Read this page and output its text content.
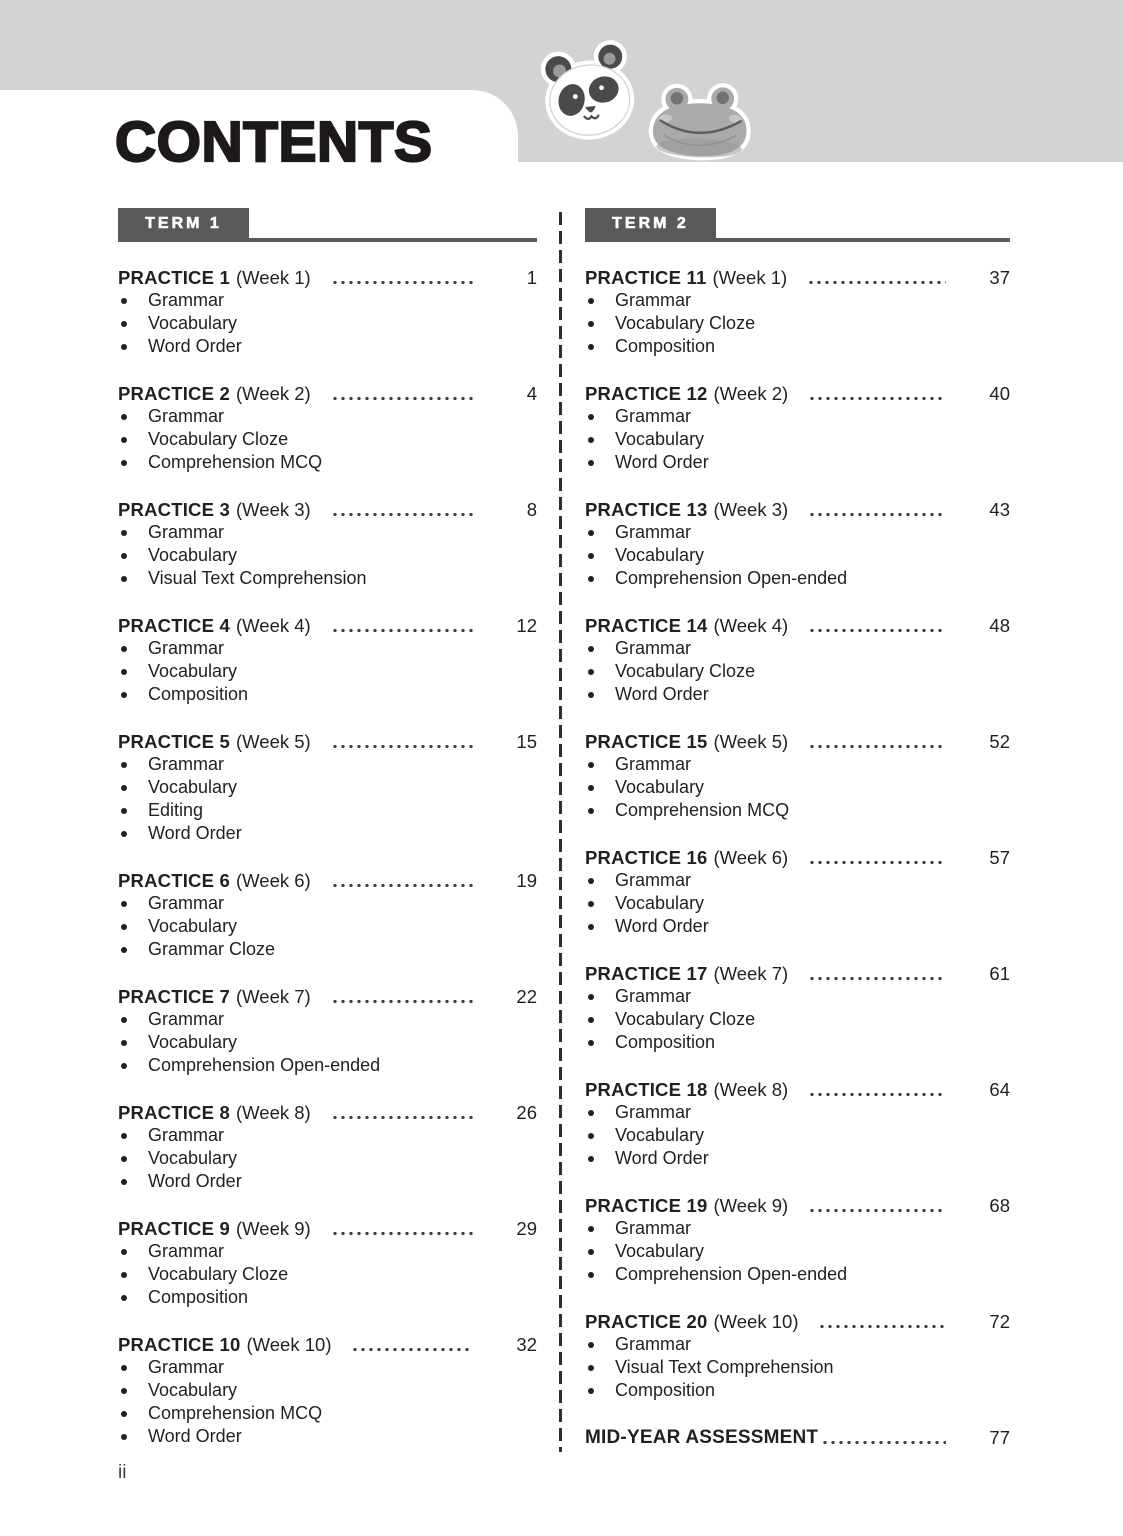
CONTENTS
TERM 1
PRACTICE 1 (Week 1)	1
Grammar
Vocabulary
Word Order
PRACTICE 2 (Week 2)	4
Grammar
Vocabulary Cloze
Comprehension MCQ
PRACTICE 3 (Week 3)	8
Grammar
Vocabulary
Visual Text Comprehension
PRACTICE 4 (Week 4)	12
Grammar
Vocabulary
Composition
PRACTICE 5 (Week 5)	15
Grammar
Vocabulary
Editing
Word Order
PRACTICE 6 (Week 6)	19
Grammar
Vocabulary
Grammar Cloze
PRACTICE 7 (Week 7)	22
Grammar
Vocabulary
Comprehension Open-ended
PRACTICE 8 (Week 8)	26
Grammar
Vocabulary
Word Order
PRACTICE 9 (Week 9)	29
Grammar
Vocabulary Cloze
Composition
PRACTICE 10 (Week 10)	32
Grammar
Vocabulary
Comprehension MCQ
Word Order
TERM 2
PRACTICE 11 (Week 1)	37
Grammar
Vocabulary Cloze
Composition
PRACTICE 12 (Week 2)	40
Grammar
Vocabulary
Word Order
PRACTICE 13 (Week 3)	43
Grammar
Vocabulary
Comprehension Open-ended
PRACTICE 14 (Week 4)	48
Grammar
Vocabulary Cloze
Word Order
PRACTICE 15 (Week 5)	52
Grammar
Vocabulary
Comprehension MCQ
PRACTICE 16 (Week 6)	57
Grammar
Vocabulary
Word Order
PRACTICE 17 (Week 7)	61
Grammar
Vocabulary Cloze
Composition
PRACTICE 18 (Week 8)	64
Grammar
Vocabulary
Word Order
PRACTICE 19 (Week 9)	68
Grammar
Vocabulary
Comprehension Open-ended
PRACTICE 20 (Week 10)	72
Grammar
Visual Text Comprehension
Composition
MID-YEAR ASSESSMENT	77
ii
